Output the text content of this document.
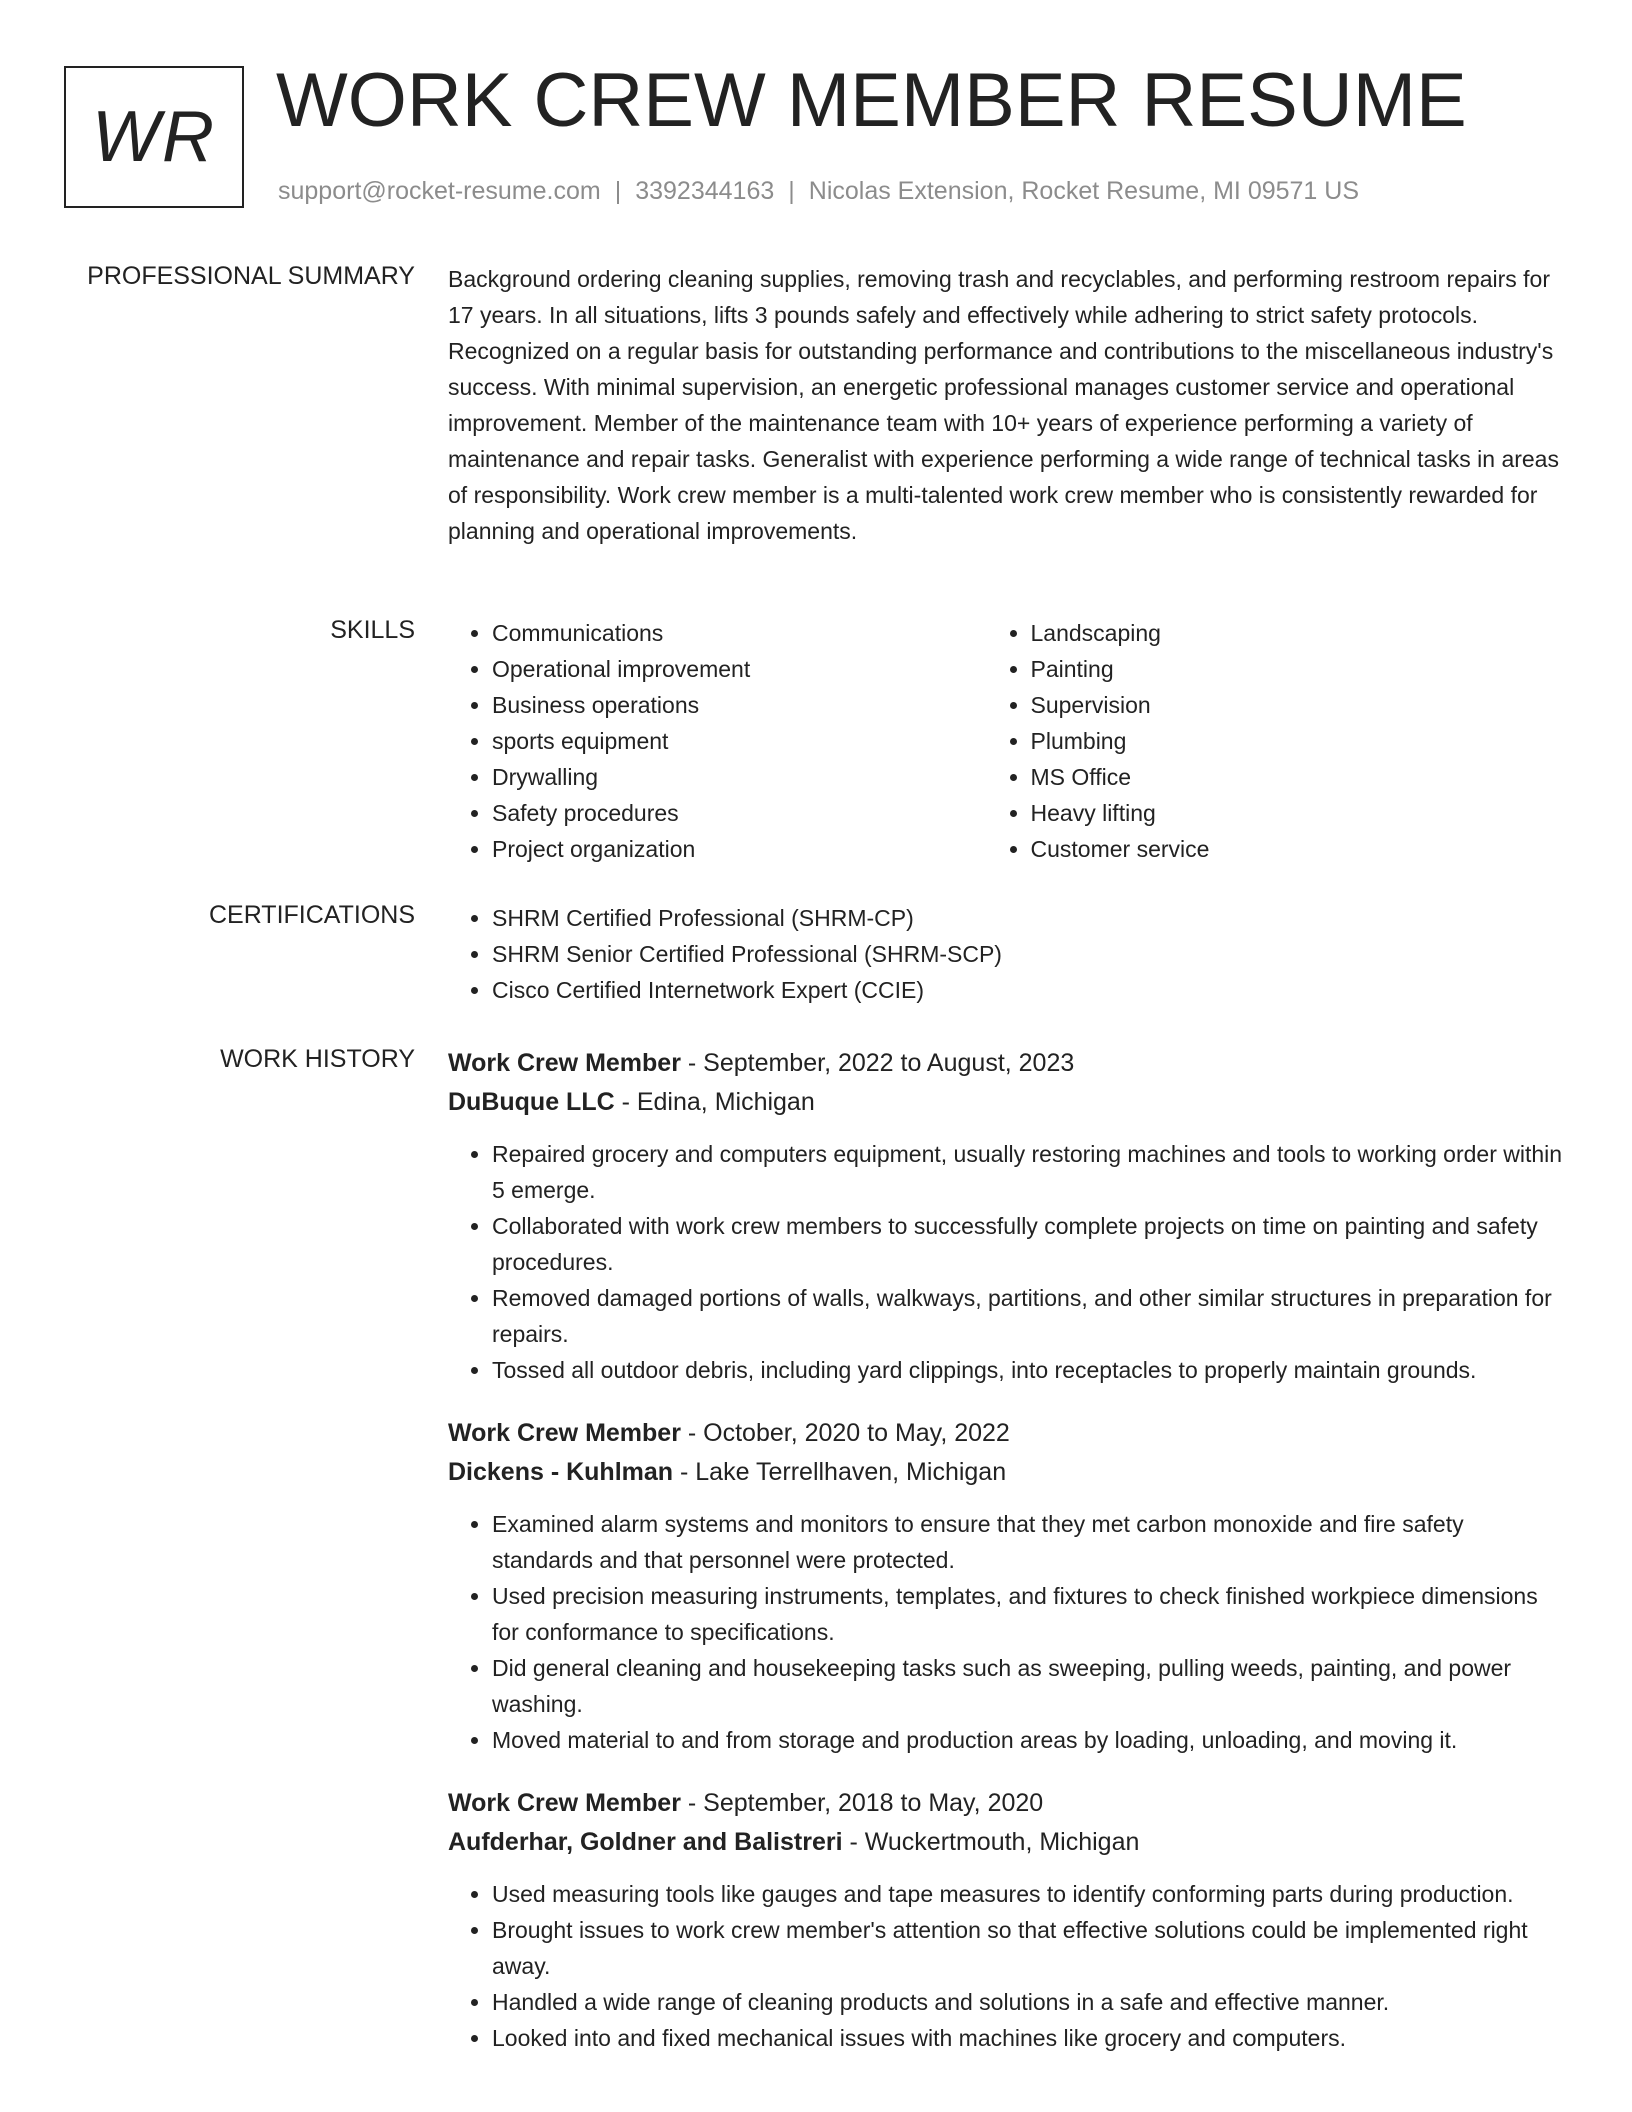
WR WORK CREW MEMBER RESUME
support@rocket-resume.com | 3392344163 | Nicolas Extension, Rocket Resume, MI 09571 US
PROFESSIONAL SUMMARY Background ordering cleaning supplies, removing trash and recyclables, and performing restroom repairs for 17 years. In all situations, lifts 3 pounds safely and effectively while adhering to strict safety protocols. Recognized on a regular basis for outstanding performance and contributions to the miscellaneous industry's success. With minimal supervision, an energetic professional manages customer service and operational improvement. Member of the maintenance team with 10+ years of experience performing a variety of maintenance and repair tasks. Generalist with experience performing a wide range of technical tasks in areas of responsibility. Work crew member is a multi-talented work crew member who is consistently rewarded for planning and operational improvements.
SKILLS	• Communications
• Operational improvement
• Business operations
• sports equipment
• Drywalling
• Safety procedures
• Project organization
• Landscaping
• Painting
• Supervision
• Plumbing
• MS Office
• Heavy lifting
• Customer service
CERTIFICATIONS	• SHRM Certified Professional (SHRM-CP)
• SHRM Senior Certified Professional (SHRM-SCP)
• Cisco Certified Internetwork Expert (CCIE)
WORK HISTORY Work Crew Member - September, 2022 to August, 2023
DuBuque LLC - Edina, Michigan
• Repaired grocery and computers equipment, usually restoring machines and tools to working order within 5 emerge.
• Collaborated with work crew members to successfully complete projects on time on painting and safety procedures.
• Removed damaged portions of walls, walkways, partitions, and other similar structures in preparation for repairs.
• Tossed all outdoor debris, including yard clippings, into receptacles to properly maintain grounds.
Work Crew Member - October, 2020 to May, 2022
Dickens - Kuhlman - Lake Terrellhaven, Michigan
• Examined alarm systems and monitors to ensure that they met carbon monoxide and fire safety standards and that personnel were protected.
• Used precision measuring instruments, templates, and fixtures to check finished workpiece dimensions for conformance to specifications.
• Did general cleaning and housekeeping tasks such as sweeping, pulling weeds, painting, and power washing.
• Moved material to and from storage and production areas by loading, unloading, and moving it.
Work Crew Member - September, 2018 to May, 2020
Aufderhar, Goldner and Balistreri - Wuckertmouth, Michigan
• Used measuring tools like gauges and tape measures to identify conforming parts during production.
• Brought issues to work crew member's attention so that effective solutions could be implemented right away.
• Handled a wide range of cleaning products and solutions in a safe and effective manner.
• Looked into and fixed mechanical issues with machines like grocery and computers.
